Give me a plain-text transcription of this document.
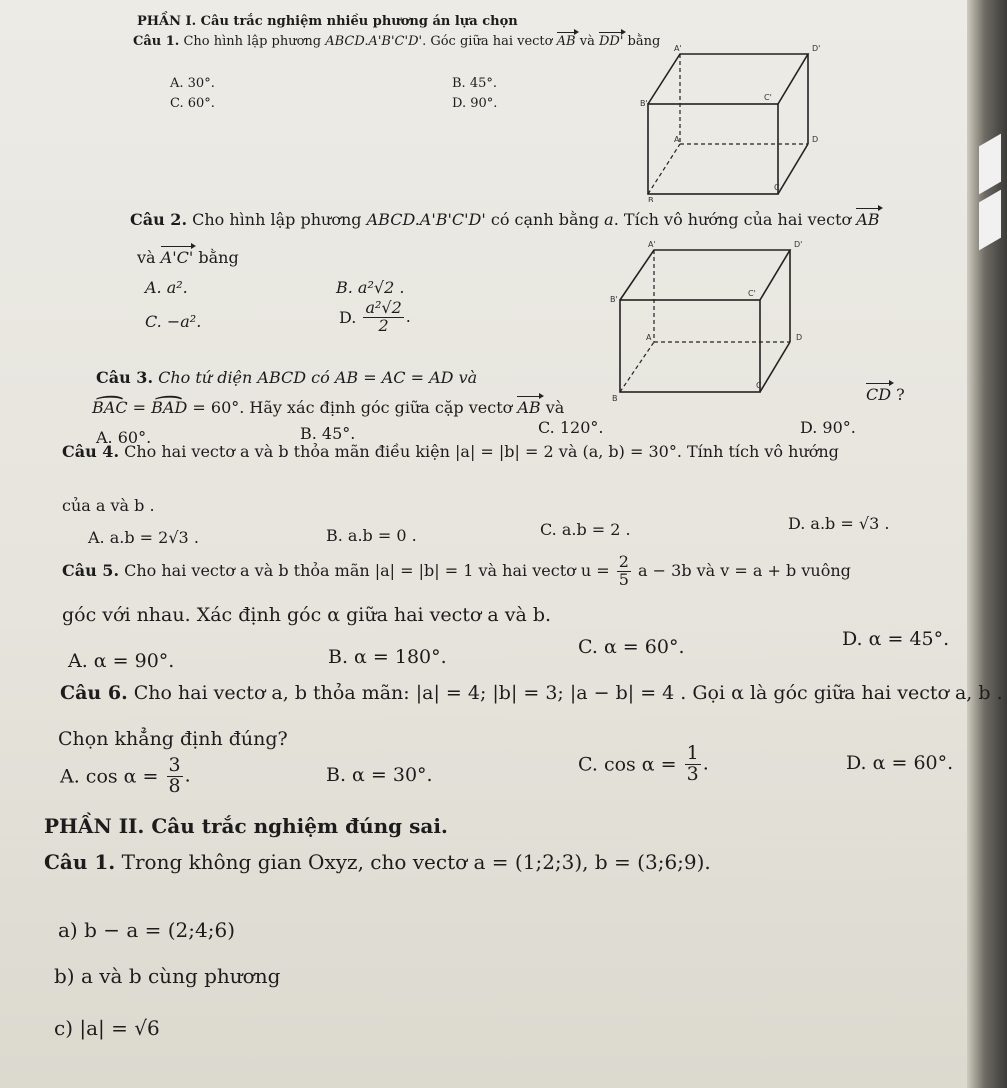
PHẦN I. Câu trắc nghiệm nhiều phương án lựa chọn
Câu 1. Cho hình lập phương ABCD.A'B'C'D'. Góc giữa hai vectơ AB và DD' bằng
A. 30°.	B. 45°.
C. 60°.	D. 90°.
A'	D'
B'
C'
A	D
B
C
Câu 2. Cho hình lập phương ABCD.A'B'C'D' có cạnh bằng a. Tích vô hướng của hai vectơ AB
và A'C' bằng
A. a².	B. a²√2 .
C. −a².	D. $\frac{\text{a²√2}}{2}$ .
A'	D'
B'
C'
A	D
B
C
Câu 3. Cho tứ diện ABCD có AB = AC = AD và
BAC ⌢ = BAD ⌢ = 60°. Hãy xác định góc giữa cặp vectơ AB và
CD ?
A. 60°.	B. 45°.	C. 120°.	D. 90°.
Câu 4. Cho hai vectơ a và b thỏa mãn điều kiện |a| = |b| = 2 và (a, b) = 30°. Tính tích vô hướng
của a và b .
A. a.b = 2√3 .	B. a.b = 0 .	C. a.b = 2 .	D. a.b = √3 .
Câu 5. Cho hai vectơ a và b thỏa mãn |a| = |b| = 1 và hai vectơ $u = \frac{2}{5}$ a − 3b và v = a + b vuông
góc với nhau. Xác định góc α giữa hai vectơ a và b.
A. α = 90°.	B. α = 180°.	C. α = 60°.	D. α = 45°.
Câu 6. Cho hai vectơ a, b thỏa mãn: |a| = 4; |b| = 3; |a − b| = 4 . Gọi α là góc giữa hai vectơ a, b .
Chọn khẳng định đúng?
A. $\cos \alpha = \frac{3}{8}$ .	B. α = 30°.	C. $\cos \alpha = \frac{1}{3}$ .	D. α = 60°.
PHẦN II. Câu trắc nghiệm đúng sai.
Câu 1. Trong không gian Oxyz, cho vectơ a = (1;2;3), b = (3;6;9).
a) b − a = (2;4;6)
b) a và b cùng phương
c) |a| = √6
